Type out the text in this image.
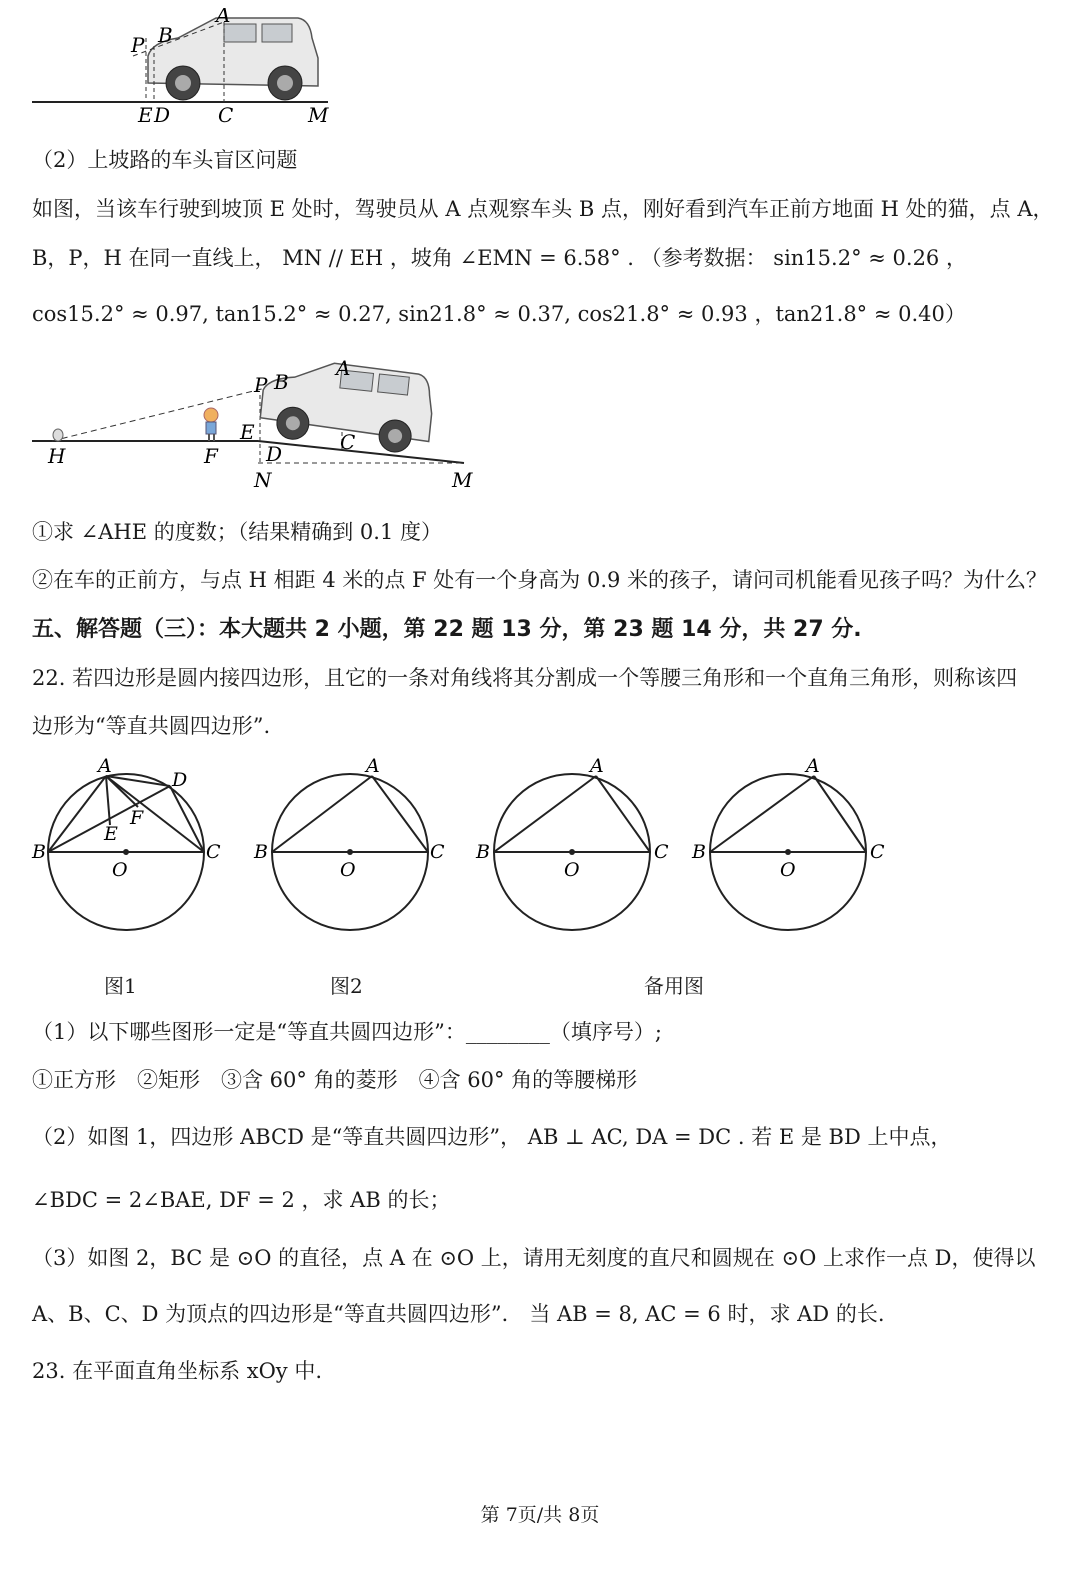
P B
A
E D C	M
（2）上坡路的车头盲区问题
如图，当该车行驶到坡顶 E 处时，驾驶员从 A 点观察车头 B 点，刚好看到汽车正前方地面 H 处的猫，点 A，
B，P，H 在同一直线上， MN // EH ，坡角 ∠EMN = 6.58° . （参考数据： sin15.2° ≈ 0.26 ，
cos15.2° ≈ 0.97, tan15.2° ≈ 0.27, sin21.8° ≈ 0.37, cos21.8° ≈ 0.93 ，tan21.8° ≈ 0.40）
P B
A
E	C
H	F D
N	M
①求 ∠AHE 的度数；（结果精确到 0.1 度）
②在车的正前方，与点 H 相距 4 米的点 F 处有一个身高为 0.9 米的孩子，请问司机能看见孩子吗？为什么？
五、解答题（三）：本大题共 2 小题，第 22 题 13 分，第 23 题 14 分，共 27 分.
22. 若四边形是圆内接四边形，且它的一条对角线将其分割成一个等腰三角形和一个直角三角形，则称该四
边形为“等直共圆四边形”.
A
B	C
D
E
F
O
A
B	C
O
A
B	C
O
A
B	C
O
图1	图2	备用图
（1）以下哪些图形一定是“等直共圆四边形”：________（填序号）;
①正方形　②矩形　③含 60° 角的菱形　④含 60° 角的等腰梯形
（2）如图 1，四边形 ABCD 是“等直共圆四边形”， AB ⊥ AC, DA = DC . 若 E 是 BD 上中点，
∠BDC = 2∠BAE, DF = 2 ，求 AB 的长；
（3）如图 2，BC 是 ⊙O 的直径，点 A 在 ⊙O 上，请用无刻度的直尺和圆规在 ⊙O 上求作一点 D，使得以
A、B、C、D 为顶点的四边形是“等直共圆四边形”． 当 AB = 8, AC = 6 时，求 AD 的长.
23. 在平面直角坐标系 xOy 中.
第 7页/共 8页
